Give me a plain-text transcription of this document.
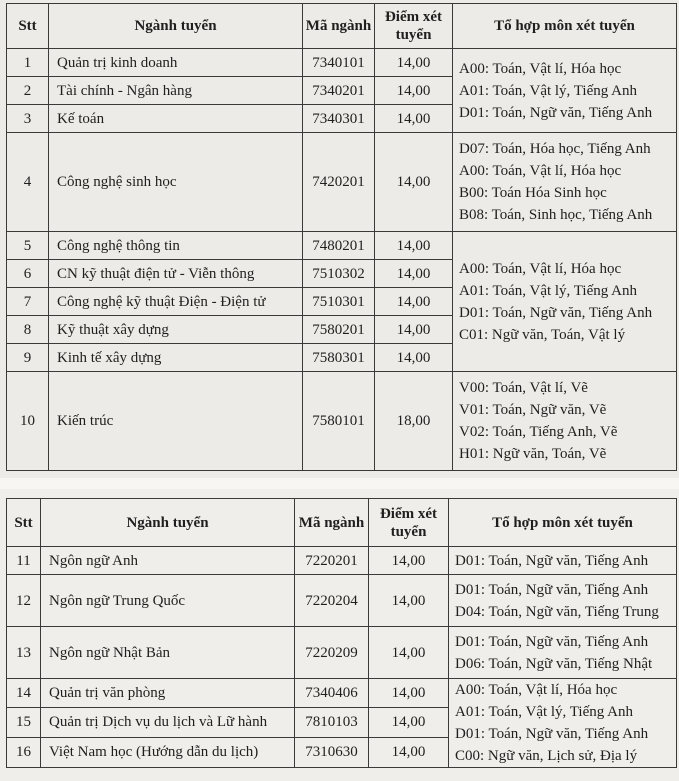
Stt	Ngành tuyển	Mã ngành	Điểm xét tuyển	Tổ hợp môn xét tuyển
1	Quản trị kinh doanh	7340101	14,00	A00: Toán, Vật lí, Hóa học
A01: Toán, Vật lý, Tiếng Anh
D01: Toán, Ngữ văn, Tiếng Anh

2	Tài chính - Ngân hàng	7340201	14,00	
3	Kế toán	7340301	14,00	
4	Công nghệ sinh học	7420201	14,00	D07: Toán, Hóa học, Tiếng Anh
A00: Toán, Vật lí, Hóa học
B00: Toán Hóa Sinh học
B08: Toán, Sinh học, Tiếng Anh

5	Công nghệ thông tin	7480201	14,00	A00: Toán, Vật lí, Hóa học
A01: Toán, Vật lý, Tiếng Anh
D01: Toán, Ngữ văn, Tiếng Anh
C01: Ngữ văn, Toán, Vật lý

6	CN kỹ thuật điện tử - Viễn thông	7510302	14,00	
7	Công nghệ kỹ thuật Điện - Điện tử	7510301	14,00	
8	Kỹ thuật xây dựng	7580201	14,00	
9	Kinh tế xây dựng	7580301	14,00	
10	Kiến trúc	7580101	18,00	V00: Toán, Vật lí, Vẽ
V01: Toán, Ngữ văn, Vẽ
V02: Toán, Tiếng Anh, Vẽ
H01: Ngữ văn, Toán, Vẽ
Stt	Ngành tuyển	Mã ngành	Điểm xét tuyển	Tổ hợp môn xét tuyển
11	Ngôn ngữ Anh	7220201	14,00	D01: Toán, Ngữ văn, Tiếng Anh

12	Ngôn ngữ Trung Quốc	7220204	14,00	D01: Toán, Ngữ văn, Tiếng Anh
D04: Toán, Ngữ văn, Tiếng Trung

13	Ngôn ngữ Nhật Bản	7220209	14,00	D01: Toán, Ngữ văn, Tiếng Anh
D06: Toán, Ngữ văn, Tiếng Nhật

14	Quản trị văn phòng	7340406	14,00	A00: Toán, Vật lí, Hóa học
A01: Toán, Vật lý, Tiếng Anh
D01: Toán, Ngữ văn, Tiếng Anh
C00: Ngữ văn, Lịch sử, Địa lý

15	Quản trị Dịch vụ du lịch và Lữ hành	7810103	14,00	
16	Việt Nam học (Hướng dẫn du lịch)	7310630	14,00	
